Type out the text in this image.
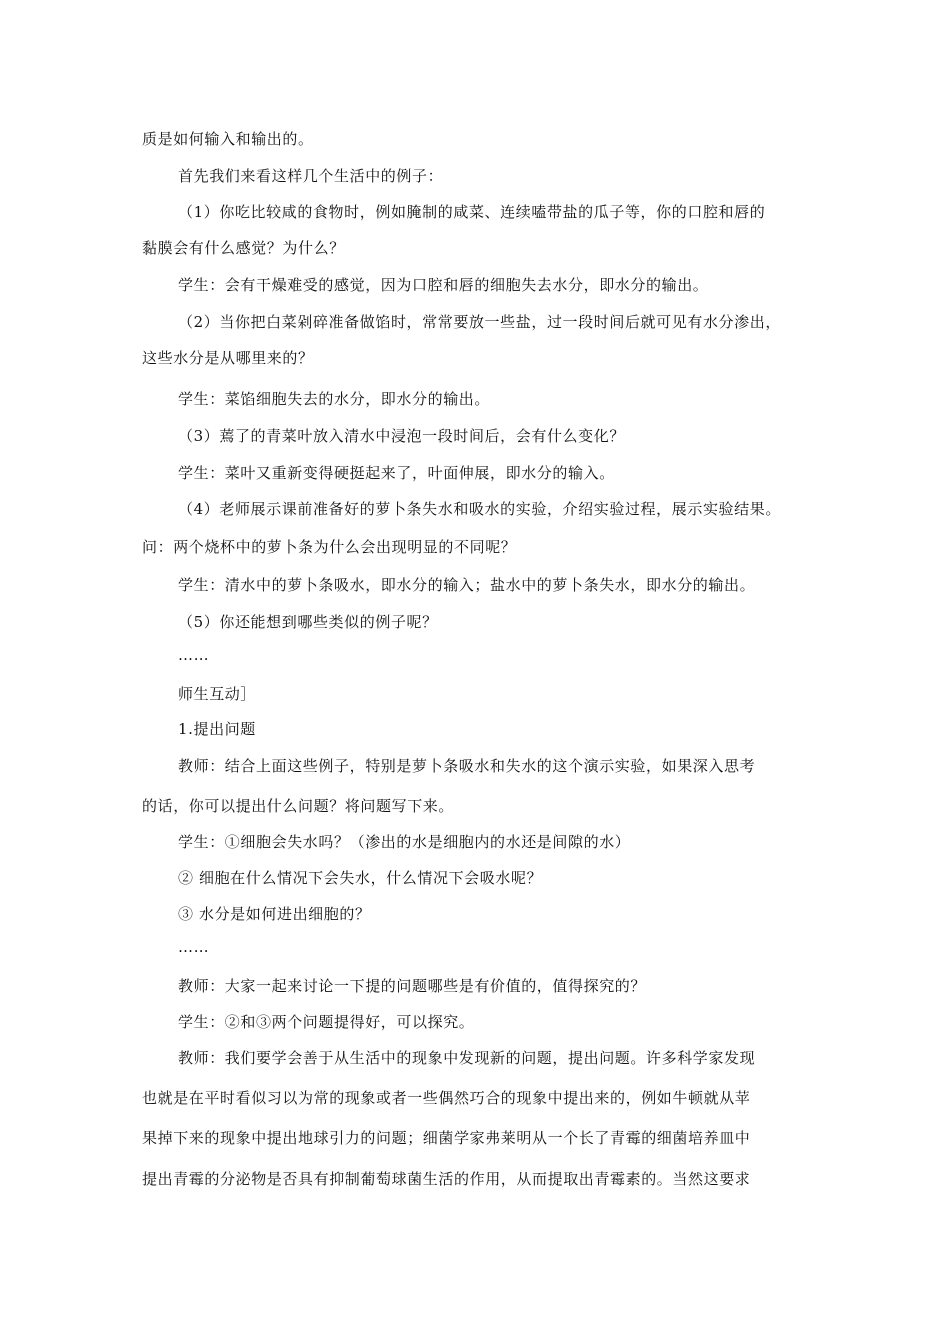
质是如何输入和输出的。
首先我们来看这样几个生活中的例子：
（1）你吃比较咸的食物时，例如腌制的咸菜、连续嗑带盐的瓜子等，你的口腔和唇的
黏膜会有什么感觉？为什么？
学生：会有干燥难受的感觉，因为口腔和唇的细胞失去水分，即水分的输出。
（2）当你把白菜剁碎准备做馅时，常常要放一些盐，过一段时间后就可见有水分渗出，
这些水分是从哪里来的？
学生：菜馅细胞失去的水分，即水分的输出。
（3）蔫了的青菜叶放入清水中浸泡一段时间后，会有什么变化？
学生：菜叶又重新变得硬挺起来了，叶面伸展，即水分的输入。
（4）老师展示课前准备好的萝卜条失水和吸水的实验，介绍实验过程，展示实验结果。
问：两个烧杯中的萝卜条为什么会出现明显的不同呢？
学生：清水中的萝卜条吸水，即水分的输入；盐水中的萝卜条失水，即水分的输出。
（5）你还能想到哪些类似的例子呢？
……
师生互动］
1.提出问题
教师：结合上面这些例子，特别是萝卜条吸水和失水的这个演示实验，如果深入思考
的话，你可以提出什么问题？将问题写下来。
学生：①细胞会失水吗？（渗出的水是细胞内的水还是间隙的水）
② 细胞在什么情况下会失水，什么情况下会吸水呢？
③ 水分是如何进出细胞的？
……
教师：大家一起来讨论一下提的问题哪些是有价值的，值得探究的？
学生：②和③两个问题提得好，可以探究。
教师：我们要学会善于从生活中的现象中发现新的问题，提出问题。许多科学家发现
也就是在平时看似习以为常的现象或者一些偶然巧合的现象中提出来的，例如牛顿就从苹
果掉下来的现象中提出地球引力的问题；细菌学家弗莱明从一个长了青霉的细菌培养皿中
提出青霉的分泌物是否具有抑制葡萄球菌生活的作用，从而提取出青霉素的。当然这要求
